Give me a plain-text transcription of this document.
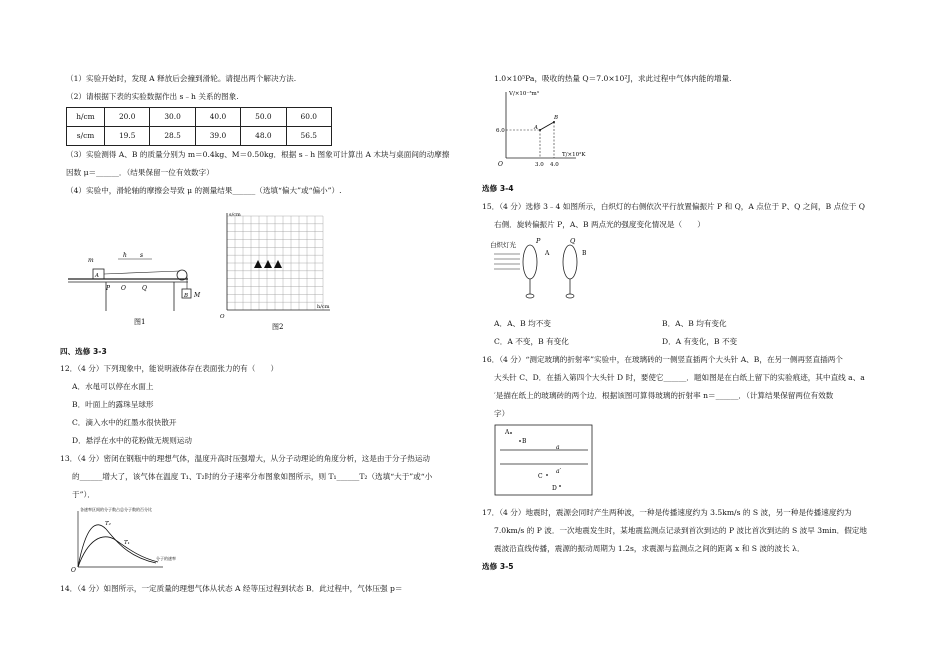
（1）实验开始时，发现 A 释放后会撞到滑轮。请提出两个解决方法.
（2）请根据下表的实验数据作出 s﹣h 关系的图象.
h/cm	20.0	30.0	40.0	50.0	60.0
s/cm	19.5	28.5	39.0	48.0	56.5
（3）实验测得 A、B 的质量分别为 m＝0.4kg、M＝0.50kg．根据 s﹣h 图象可计算出 A 木块与桌面间的动摩擦
因数 μ＝______．（结果保留一位有效数字）
（4）实验中，滑轮轴的摩擦会导致 μ 的测量结果______（选填“偏大”或“偏小”）.
m
h s
A
P O	Q
B M
图1
s/cm
h/cm
O
图2
四、选修 3-3
12．（4 分）下列现象中，能说明液体存在表面张力的有（　　）
A．水黾可以停在水面上
B．叶面上的露珠呈球形
C．滴入水中的红墨水很快散开
D．悬浮在水中的花粉做无规则运动
13．（4 分）密闭在钢瓶中的理想气体，温度升高时压强增大，从分子动理论的角度分析，这是由于分子热运动
的______增大了，该气体在温度 T₁、T₂时的分子速率分布图象如图所示，则 T₁______T₂（选填“大于”或“小
于”）．
各速率区间的分子数占总分子数的百分比
T₂
T₁
分子的速率
O
14．（4 分）如图所示，一定质量的理想气体从状态 A 经等压过程到状态 B．此过程中，气体压强 p＝
1.0×10⁵Pa，吸收的热量 Q＝7.0×10²J，求此过程中气体内能的增量.
V/×10⁻³m³
6.0	A
B
T/×10²K
3.0 4.0
O
选修 3-4
15．（4 分）选修 3﹣4 如图所示，白炽灯的右侧依次平行放置偏振片 P 和 Q，A 点位于 P、Q 之间，B 点位于 Q
右侧．旋转偏振片 P，A、B 两点光的强度变化情况是（　　）
白炽灯光	P	Q
A	B
A．A、B 均不变	B．A、B 均有变化
C．A 不变，B 有变化	D．A 有变化，B 不变
16．（4 分）“测定玻璃的折射率”实验中，在玻璃砖的一侧竖直插两个大头针 A、B，在另一侧再竖直插两个
大头针 C、D．在插入第四个大头针 D 时，要使它______．题如图是在白纸上留下的实验痕迹，其中直线 a、a
′是描在纸上的玻璃砖的两个边．根据该图可算得玻璃的折射率 n＝______．（计算结果保留两位有效数
字）
A
B
a
a′
C
D
17．（4 分）地震时，震源会同时产生两种波，一种是传播速度约为 3.5km/s 的 S 波，另一种是传播速度约为
7.0km/s 的 P 波．一次地震发生时，某地震监测点记录到首次到达的 P 波比首次到达的 S 波早 3min．假定地
震波沿直线传播，震源的振动周期为 1.2s，求震源与监测点之间的距离 x 和 S 波的波长 λ．
选修 3-5
